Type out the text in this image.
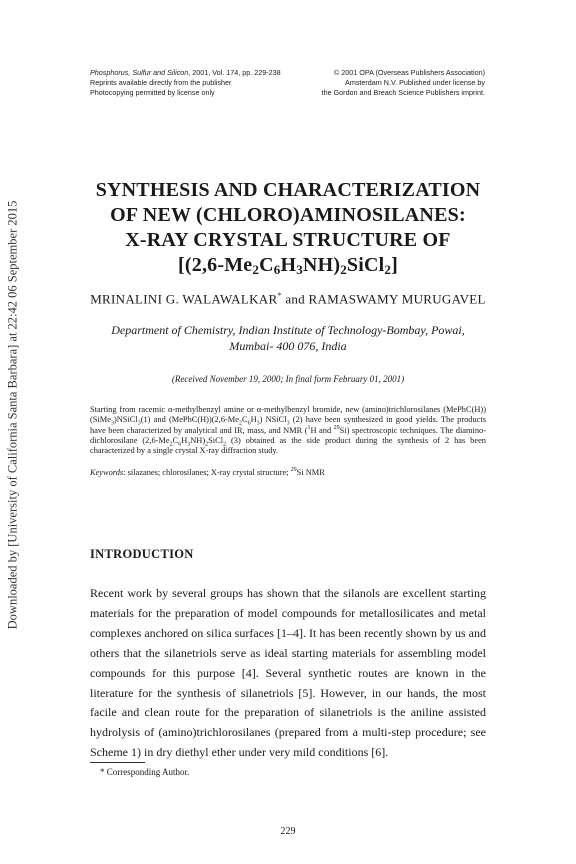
Downloaded by [University of California Santa Barbara] at 22:42 06 September 2015
Phosphorus, Sulfur and Silicon, 2001, Vol. 174, pp. 229-238
Reprints available directly from the publisher
Photocopying permitted by license only
© 2001 OPA (Overseas Publishers Association)
Amsterdam N.V. Published under license by
the Gordon and Breach Science Publishers imprint.
SYNTHESIS AND CHARACTERIZATION
OF NEW (CHLORO)AMINOSILANES:
X-RAY CRYSTAL STRUCTURE OF
$[(2,6-Me_2C_6H_3NH)_2SiCl_2]$
MRINALINI G. WALAWALKAR* and RAMASWAMY MURUGAVEL
Department of Chemistry, Indian Institute of Technology-Bombay, Powai,
Mumbai- 400 076, India
(Received November 19, 2000; In final form February 01, 2001)
Starting from racemic α-methylbenzyl amine or α-methylbenzyl bromide, new (amino)trichlorosilanes (MePhC(H))(SiMe$_3$)NSiCl$_3$(1) and $(MePhC(H))(2,6-Me_2C_6H_3)$ NSiCl$_3$ (2) have been synthesized in good yields. The products have been characterized by analytical and IR, mass, and NMR ($^1$H and $^{29}$Si) spectroscopic techniques. The diamino-dichlorosilane $(2,6-Me_2C_6H_3NH)_2SiCl_2$ (3) obtained as the side product during the synthesis of 2 has been characterized by a single crystal X-ray diffraction study.
Keywords: silazanes; chlorosilanes; X-ray crystal structure; $^{29}$Si NMR
INTRODUCTION
Recent work by several groups has shown that the silanols are excellent starting materials for the preparation of model compounds for metallosilicates and metal complexes anchored on silica surfaces [1–4]. It has been recently shown by us and others that the silanetriols serve as ideal starting materials for assembling model compounds for this purpose [4]. Several synthetic routes are known in the literature for the synthesis of silanetriols [5]. However, in our hands, the most facile and clean route for the preparation of silanetriols is the aniline assisted hydrolysis of (amino)trichlorosilanes (prepared from a multi-step procedure; see Scheme 1) in dry diethyl ether under very mild conditions [6].
* Corresponding Author.
229
